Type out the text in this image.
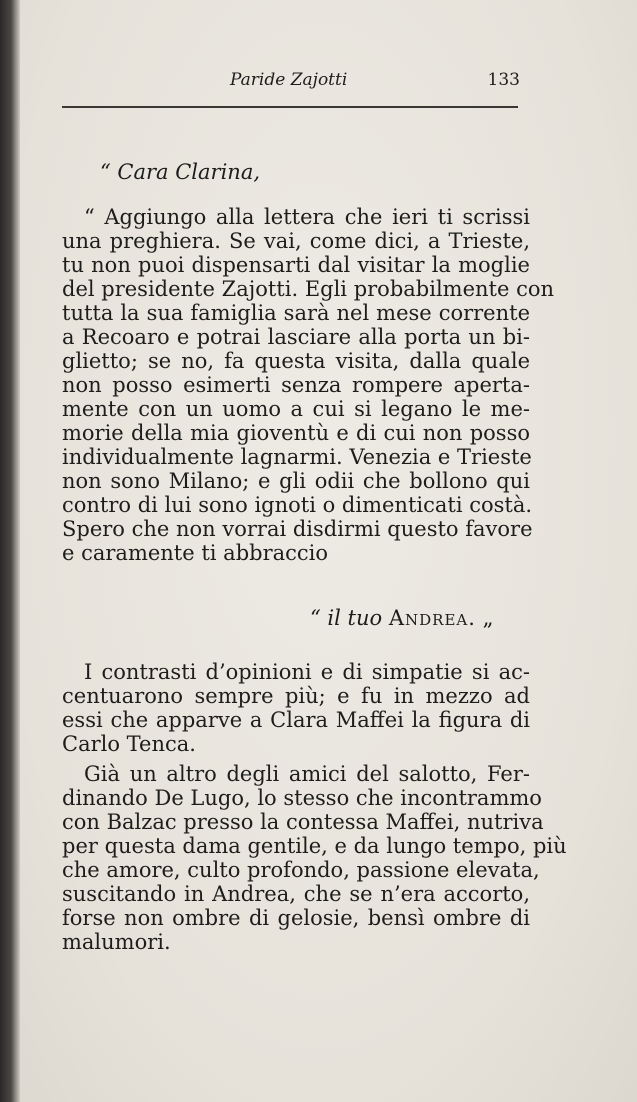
Paride Zajotti	133
“ Cara Clarina,
“ Aggiungo alla lettera che ieri ti scrissi
una preghiera. Se vai, come dici, a Trieste,
tu non puoi dispensarti dal visitar la moglie
del presidente Zajotti. Egli probabilmente con
tutta la sua famiglia sarà nel mese corrente
a Recoaro e potrai lasciare alla porta un bi-
glietto; se no, fa questa visita, dalla quale
non posso esimerti senza rompere aperta-
mente con un uomo a cui si legano le me-
morie della mia gioventù e di cui non posso
individualmente lagnarmi. Venezia e Trieste
non sono Milano; e gli odii che bollono qui
contro di lui sono ignoti o dimenticati costà.
Spero che non vorrai disdirmi questo favore
e caramente ti abbraccio
“ il tuo Andrea. „
I contrasti d’opinioni e di simpatie si ac-
centuarono sempre più; e fu in mezzo ad
essi che apparve a Clara Maffei la figura di
Carlo Tenca.
Già un altro degli amici del salotto, Fer-
dinando De Lugo, lo stesso che incontrammo
con Balzac presso la contessa Maffei, nutriva
per questa dama gentile, e da lungo tempo, più
che amore, culto profondo, passione elevata,
suscitando in Andrea, che se n’era accorto,
forse non ombre di gelosie, bensì ombre di
malumori.
